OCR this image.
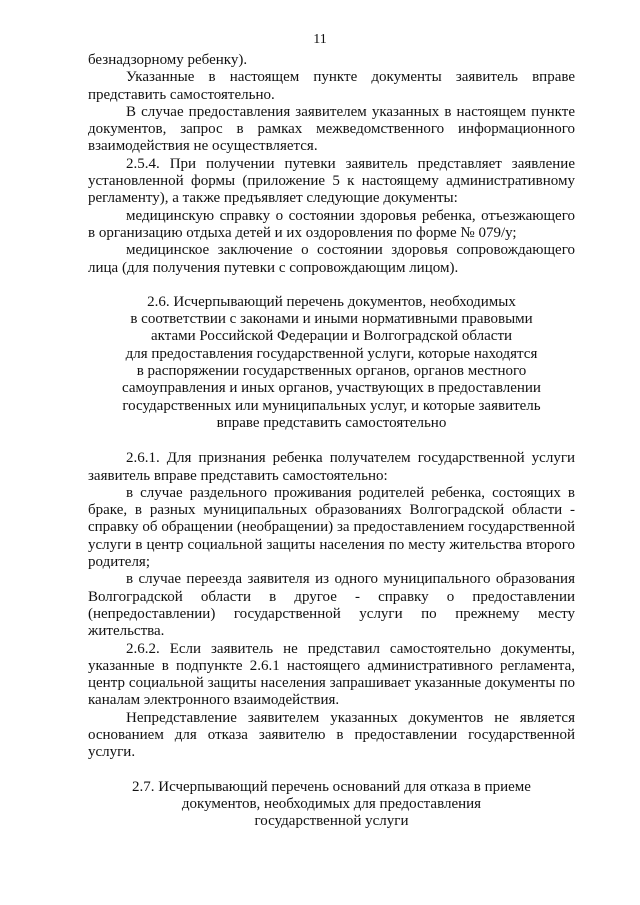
11

безнадзорному ребенку).

Указанные в настоящем пункте документы заявитель вправе представить самостоятельно.

В случае предоставления заявителем указанных в настоящем пункте документов, запрос в рамках межведомственного информационного взаимодействия не осуществляется.

2.5.4. При получении путевки заявитель представляет заявление установленной формы (приложение 5 к настоящему административному регламенту), а также предъявляет следующие документы:

медицинскую справку о состоянии здоровья ребенка, отъезжающего в организацию отдыха детей и их оздоровления по форме № 079/у;

медицинское заключение о состоянии здоровья сопровождающего лица (для получения путевки с сопровождающим лицом).

2.6. Исчерпывающий перечень документов, необходимых
в соответствии с законами и иными нормативными правовыми
актами Российской Федерации и Волгоградской области
для предоставления государственной услуги, которые находятся
в распоряжении государственных органов, органов местного
самоуправления и иных органов, участвующих в предоставлении
государственных или муниципальных услуг, и которые заявитель
вправе представить самостоятельно

2.6.1. Для признания ребенка получателем государственной услуги заявитель вправе представить самостоятельно:

в случае раздельного проживания родителей ребенка, состоящих в браке, в разных муниципальных образованиях Волгоградской области - справку об обращении (необращении) за предоставлением государственной услуги в центр социальной защиты населения по месту жительства второго родителя;

в случае переезда заявителя из одного муниципального образования Волгоградской области в другое - справку о предоставлении (непредоставлении) государственной услуги по прежнему месту жительства.

2.6.2. Если заявитель не представил самостоятельно документы, указанные в подпункте 2.6.1 настоящего административного регламента, центр социальной защиты населения запрашивает указанные документы по каналам электронного взаимодействия.

Непредставление заявителем указанных документов не является основанием для отказа заявителю в предоставлении государственной услуги.

2.7. Исчерпывающий перечень оснований для отказа в приеме
документов, необходимых для предоставления
государственной услуги
